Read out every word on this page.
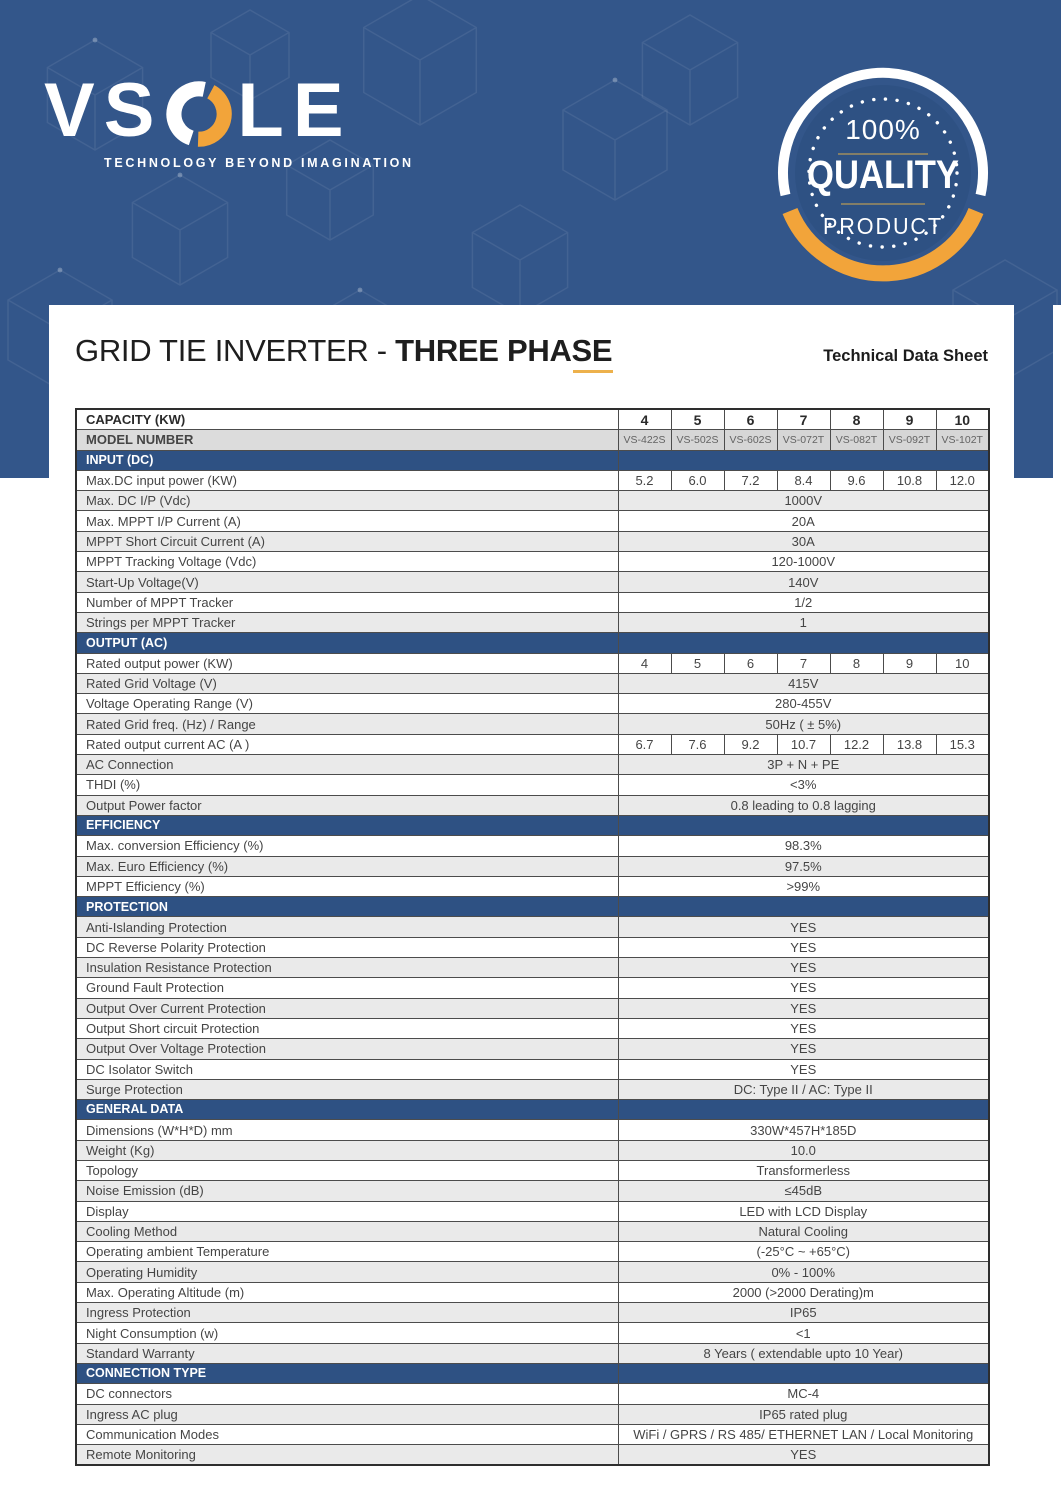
VS LE
TECHNOLOGY BEYOND IMAGINATION
100%
QUALITY
PRODUCT
GRID TIE INVERTER - THREE PHASE	Technical Data Sheet
CAPACITY (KW)	4	5	6	7	8	9	10
MODEL NUMBER	VS-422S	VS-502S	VS-602S	VS-072T	VS-082T	VS-092T	VS-102T
INPUT (DC)							
Max.DC input power (KW)	5.2	6.0	7.2	8.4	9.6	10.8	12.0
Max. DC I/P (Vdc)	1000V						
Max. MPPT I/P Current (A)	20A						
MPPT Short Circuit Current (A)	30A						
MPPT Tracking Voltage (Vdc)	120-1000V						
Start-Up Voltage(V)	140V						
Number of MPPT Tracker	1/2						
Strings per MPPT Tracker	1						
OUTPUT (AC)							
Rated output power (KW)	4	5	6	7	8	9	10
Rated Grid Voltage (V)	415V						
Voltage Operating Range (V)	280-455V						
Rated Grid freq. (Hz) / Range	50Hz ( ± 5%)						
Rated output current AC (A )	6.7	7.6	9.2	10.7	12.2	13.8	15.3
AC Connection	3P + N + PE						
THDI (%)	<3%						
Output Power factor	0.8 leading to 0.8 lagging						
EFFICIENCY							
Max. conversion Efficiency (%)	98.3%						
Max. Euro Efficiency (%)	97.5%						
MPPT Efficiency (%)	>99%						
PROTECTION							
Anti-Islanding Protection	YES						
DC Reverse Polarity Protection	YES						
Insulation Resistance Protection	YES						
Ground Fault Protection	YES						
Output Over Current Protection	YES						
Output Short circuit Protection	YES						
Output Over Voltage Protection	YES						
DC Isolator Switch	YES						
Surge Protection	DC: Type II / AC: Type II						
GENERAL DATA							
Dimensions (W*H*D) mm	330W*457H*185D						
Weight (Kg)	10.0						
Topology	Transformerless						
Noise Emission (dB)	≤45dB						
Display	LED with LCD Display						
Cooling Method	Natural Cooling						
Operating ambient Temperature	(-25°C ~ +65°C)						
Operating Humidity	0% - 100%						
Max. Operating Altitude (m)	2000 (>2000 Derating)m						
Ingress Protection	IP65						
Night Consumption (w)	<1						
Standard Warranty	8 Years ( extendable upto 10 Year)						
CONNECTION TYPE							
DC connectors	MC-4						
Ingress AC plug	IP65 rated plug						
Communication Modes	WiFi / GPRS / RS 485/ ETHERNET LAN / Local Monitoring						
Remote Monitoring	YES						
